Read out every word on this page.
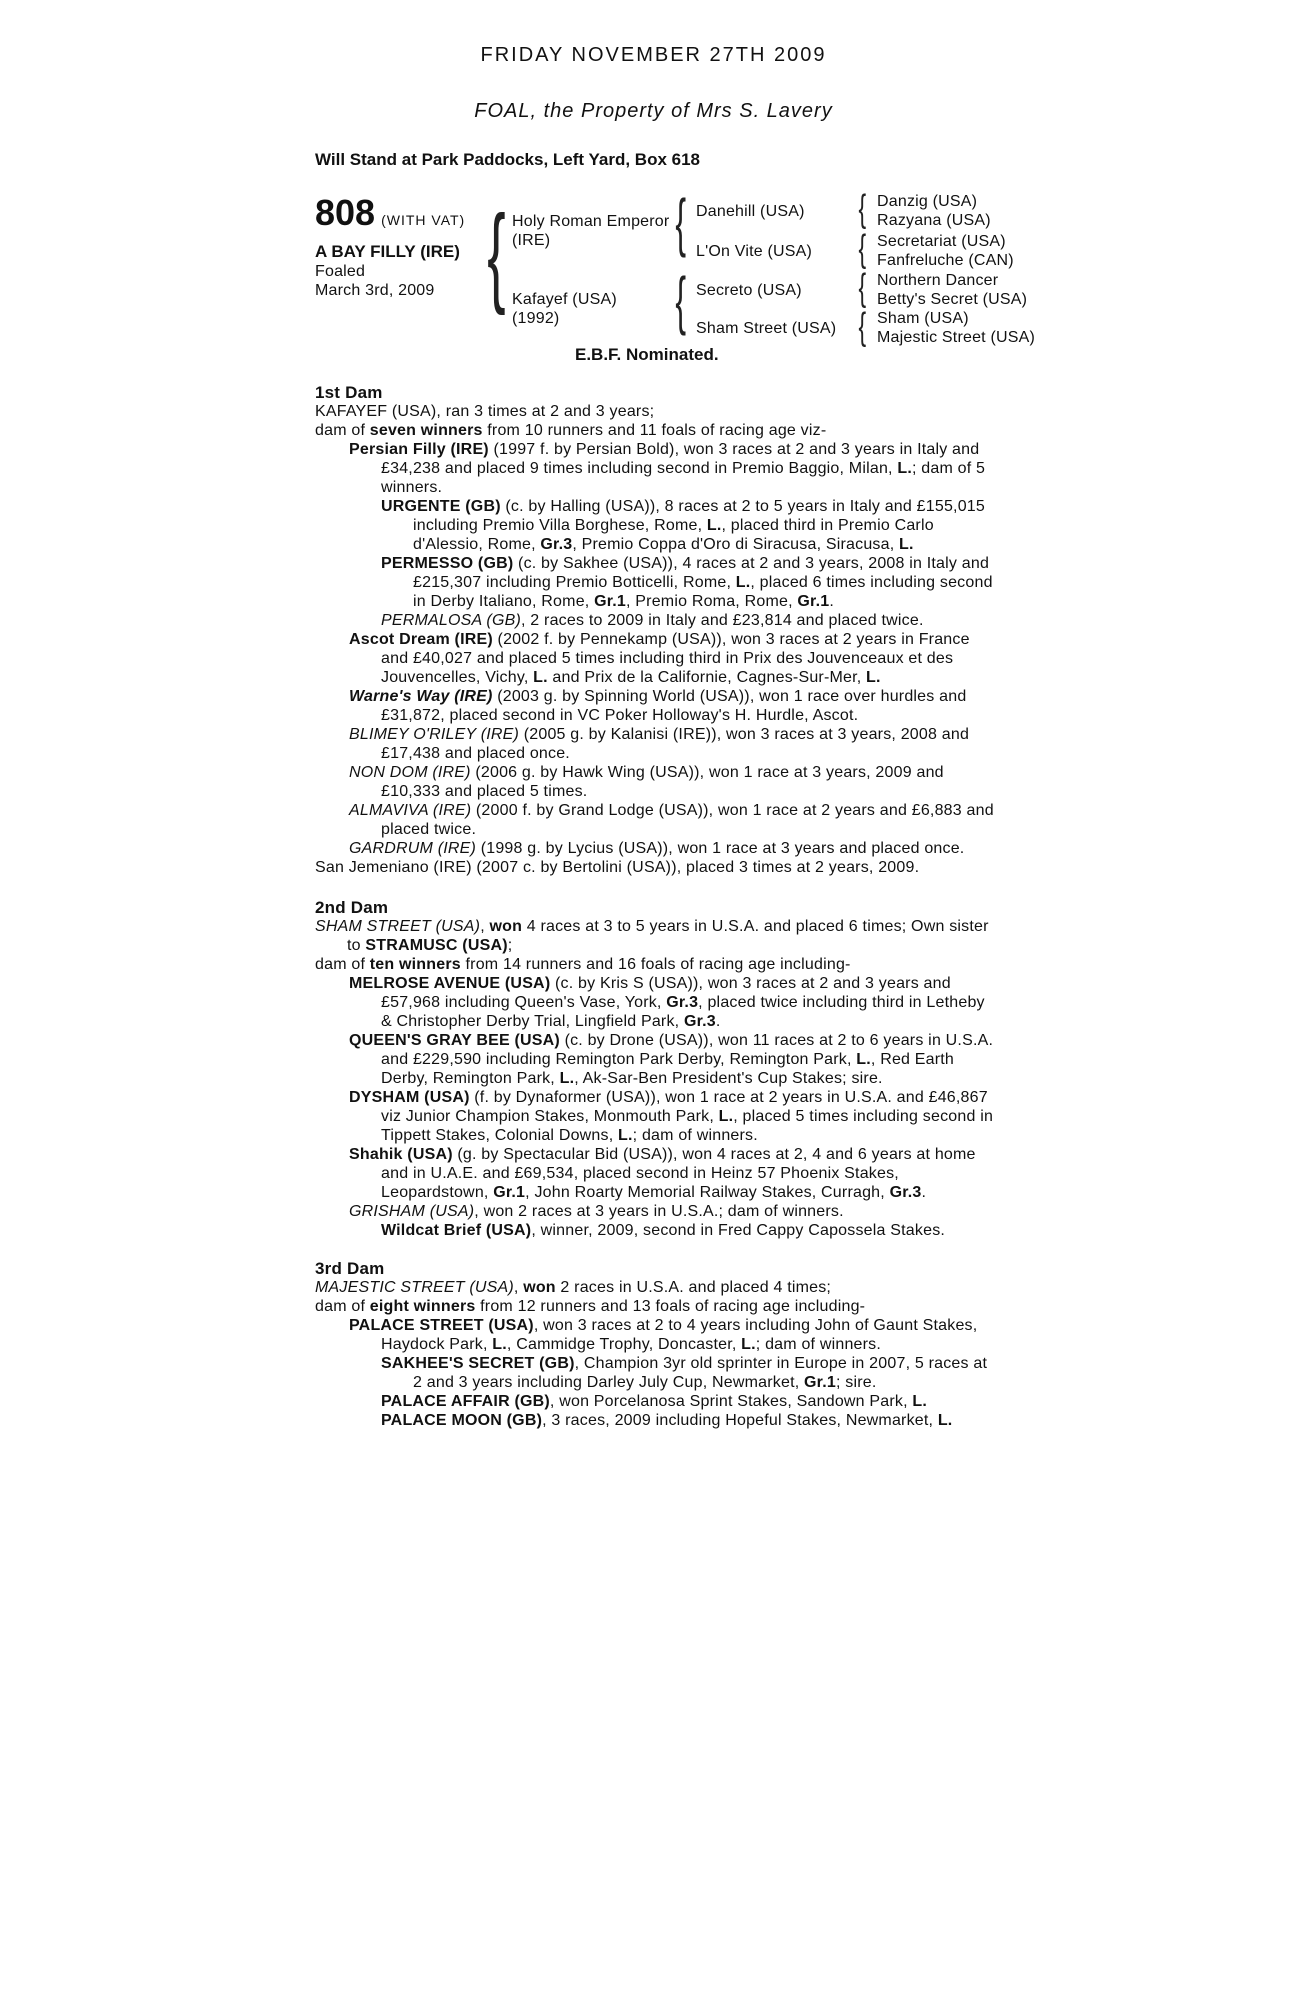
FRIDAY NOVEMBER 27TH 2009
FOAL, the Property of Mrs S. Lavery
Will Stand at Park Paddocks, Left Yard, Box 618
808 (WITH VAT)
A BAY FILLY (IRE)
Foaled
March 3rd, 2009 { Holy Roman Emperor
(IRE)
Kafayef (USA)
(1992)
{
{
Danehill (USA)
L'On Vite (USA)
Secreto (USA)
Sham Street (USA)
{
{
{
{
Danzig (USA)
Razyana (USA)
Secretariat (USA)
Fanfreluche (CAN)
Northern Dancer
Betty's Secret (USA)
Sham (USA)
Majestic Street (USA)
E.B.F. Nominated.

1st Dam

KAFAYEF (USA), ran 3 times at 2 and 3 years;

dam of seven winners from 10 runners and 11 foals of racing age viz-

Persian Filly (IRE) (1997 f. by Persian Bold), won 3 races at 2 and 3 years in Italy and £34,238 and placed 9 times including second in Premio Baggio, Milan, L.; dam of 5 winners.

URGENTE (GB) (c. by Halling (USA)), 8 races at 2 to 5 years in Italy and £155,015 including Premio Villa Borghese, Rome, L., placed third in Premio Carlo d'Alessio, Rome, Gr.3, Premio Coppa d'Oro di Siracusa, Siracusa, L.

PERMESSO (GB) (c. by Sakhee (USA)), 4 races at 2 and 3 years, 2008 in Italy and £215,307 including Premio Botticelli, Rome, L., placed 6 times including second in Derby Italiano, Rome, Gr.1, Premio Roma, Rome, Gr.1.

PERMALOSA (GB), 2 races to 2009 in Italy and £23,814 and placed twice.

Ascot Dream (IRE) (2002 f. by Pennekamp (USA)), won 3 races at 2 years in France and £40,027 and placed 5 times including third in Prix des Jouvenceaux et des Jouvencelles, Vichy, L. and Prix de la Californie, Cagnes-Sur-Mer, L.

Warne's Way (IRE) (2003 g. by Spinning World (USA)), won 1 race over hurdles and £31,872, placed second in VC Poker Holloway's H. Hurdle, Ascot.

BLIMEY O'RILEY (IRE) (2005 g. by Kalanisi (IRE)), won 3 races at 3 years, 2008 and £17,438 and placed once.

NON DOM (IRE) (2006 g. by Hawk Wing (USA)), won 1 race at 3 years, 2009 and £10,333 and placed 5 times.

ALMAVIVA (IRE) (2000 f. by Grand Lodge (USA)), won 1 race at 2 years and £6,883 and placed twice.

GARDRUM (IRE) (1998 g. by Lycius (USA)), won 1 race at 3 years and placed once.

San Jemeniano (IRE) (2007 c. by Bertolini (USA)), placed 3 times at 2 years, 2009.

2nd Dam

SHAM STREET (USA), won 4 races at 3 to 5 years in U.S.A. and placed 6 times; Own sister to STRAMUSC (USA);

dam of ten winners from 14 runners and 16 foals of racing age including-

MELROSE AVENUE (USA) (c. by Kris S (USA)), won 3 races at 2 and 3 years and £57,968 including Queen's Vase, York, Gr.3, placed twice including third in Letheby & Christopher Derby Trial, Lingfield Park, Gr.3.

QUEEN'S GRAY BEE (USA) (c. by Drone (USA)), won 11 races at 2 to 6 years in U.S.A. and £229,590 including Remington Park Derby, Remington Park, L., Red Earth Derby, Remington Park, L., Ak-Sar-Ben President's Cup Stakes; sire.

DYSHAM (USA) (f. by Dynaformer (USA)), won 1 race at 2 years in U.S.A. and £46,867 viz Junior Champion Stakes, Monmouth Park, L., placed 5 times including second in Tippett Stakes, Colonial Downs, L.; dam of winners.

Shahik (USA) (g. by Spectacular Bid (USA)), won 4 races at 2, 4 and 6 years at home and in U.A.E. and £69,534, placed second in Heinz 57 Phoenix Stakes, Leopardstown, Gr.1, John Roarty Memorial Railway Stakes, Curragh, Gr.3.

GRISHAM (USA), won 2 races at 3 years in U.S.A.; dam of winners.

Wildcat Brief (USA), winner, 2009, second in Fred Cappy Capossela Stakes.

3rd Dam

MAJESTIC STREET (USA), won 2 races in U.S.A. and placed 4 times;

dam of eight winners from 12 runners and 13 foals of racing age including-

PALACE STREET (USA), won 3 races at 2 to 4 years including John of Gaunt Stakes, Haydock Park, L., Cammidge Trophy, Doncaster, L.; dam of winners.

SAKHEE'S SECRET (GB), Champion 3yr old sprinter in Europe in 2007, 5 races at 2 and 3 years including Darley July Cup, Newmarket, Gr.1; sire.

PALACE AFFAIR (GB), won Porcelanosa Sprint Stakes, Sandown Park, L.

PALACE MOON (GB), 3 races, 2009 including Hopeful Stakes, Newmarket, L.
